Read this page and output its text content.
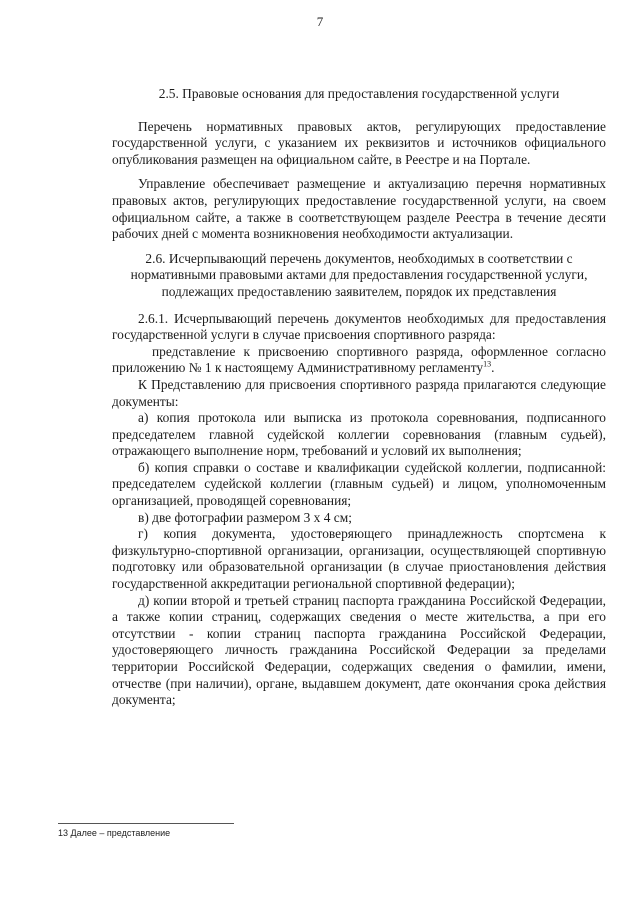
7
2.5. Правовые основания для предоставления государственной услуги
Перечень нормативных правовых актов, регулирующих предоставление государственной услуги, с указанием их реквизитов и источников официального опубликования размещен на официальном сайте, в Реестре и на Портале.
Управление обеспечивает размещение и актуализацию перечня нормативных правовых актов, регулирующих предоставление государственной услуги, на своем официальном сайте, а также в соответствующем разделе Реестра в течение десяти рабочих дней с момента возникновения необходимости актуализации.
2.6. Исчерпывающий перечень документов, необходимых в соответствии с нормативными правовыми актами для предоставления государственной услуги, подлежащих предоставлению заявителем, порядок их представления
2.6.1. Исчерпывающий перечень документов необходимых для предоставления государственной услуги в случае присвоения спортивного разряда:
представление к присвоению спортивного разряда, оформленное согласно приложению № 1 к настоящему Административному регламенту$^{13}$.
К Представлению для присвоения спортивного разряда прилагаются следующие документы:
а) копия протокола или выписка из протокола соревнования, подписанного председателем главной судейской коллегии соревнования (главным судьей), отражающего выполнение норм, требований и условий их выполнения;
б) копия справки о составе и квалификации судейской коллегии, подписанной: председателем судейской коллегии (главным судьей) и лицом, уполномоченным организацией, проводящей соревнования;
в) две фотографии размером 3 х 4 см;
г) копия документа, удостоверяющего принадлежность спортсмена к физкультурно-спортивной организации, организации, осуществляющей спортивную подготовку или образовательной организации (в случае приостановления действия государственной аккредитации региональной спортивной федерации);
д) копии второй и третьей страниц паспорта гражданина Российской Федерации, а также копии страниц, содержащих сведения о месте жительства, а при его отсутствии - копии страниц паспорта гражданина Российской Федерации, удостоверяющего личность гражданина Российской Федерации за пределами территории Российской Федерации, содержащих сведения о фамилии, имени, отчестве (при наличии), органе, выдавшем документ, дате окончания срока действия документа;
13 Далее – представление
